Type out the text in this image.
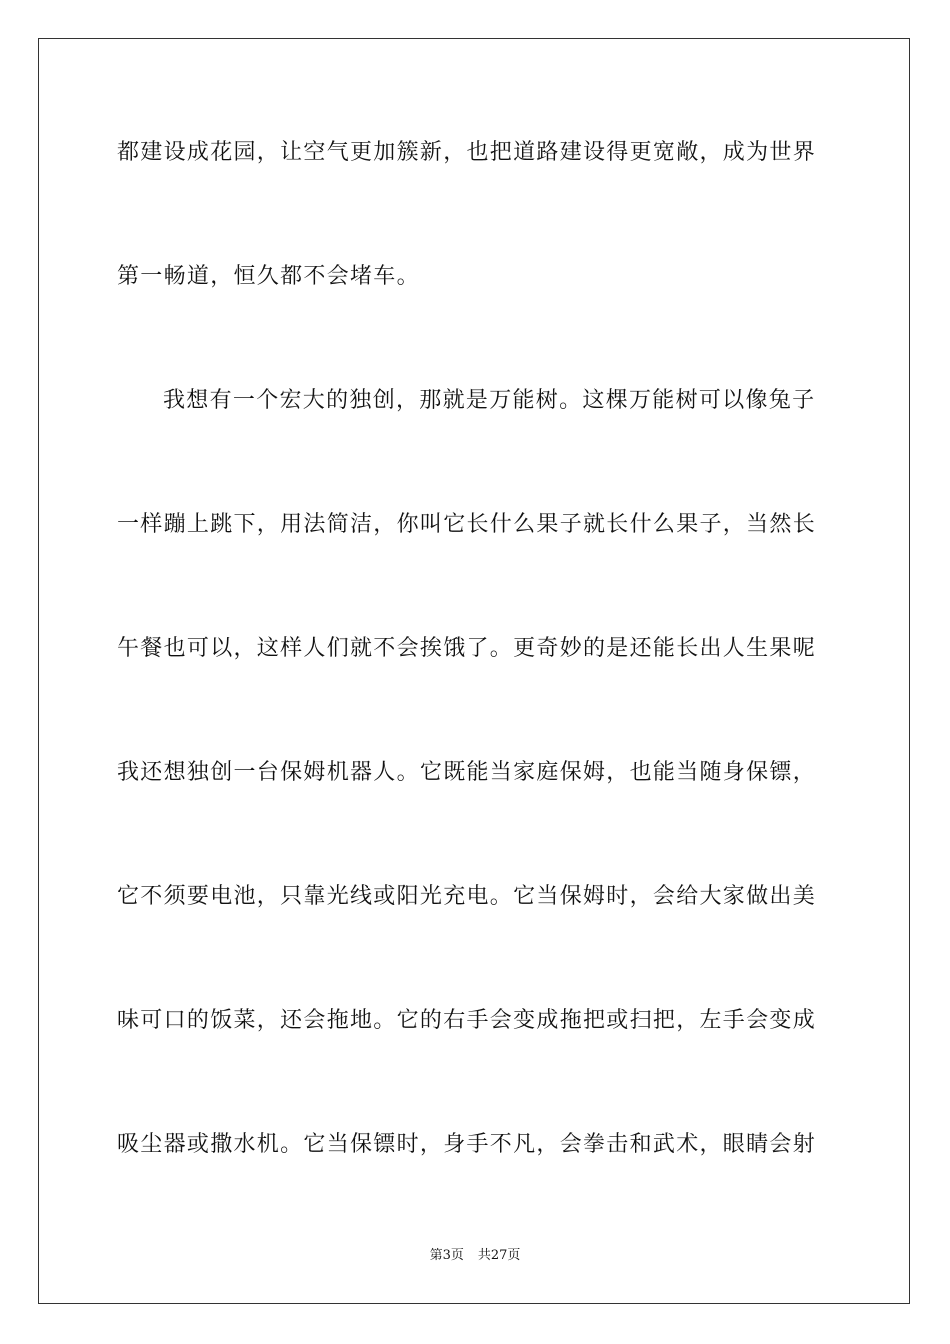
都建设成花园，让空气更加簇新，也把道路建设得更宽敞，成为世界
第一畅道，恒久都不会堵车。
我想有一个宏大的独创，那就是万能树。这棵万能树可以像兔子
一样蹦上跳下，用法简洁，你叫它长什么果子就长什么果子，当然长
午餐也可以，这样人们就不会挨饿了。更奇妙的是还能长出人生果呢
我还想独创一台保姆机器人。它既能当家庭保姆，也能当随身保镖，
它不须要电池，只靠光线或阳光充电。它当保姆时，会给大家做出美
味可口的饭菜，还会拖地。它的右手会变成拖把或扫把，左手会变成
吸尘器或撒水机。它当保镖时，身手不凡，会拳击和武术，眼睛会射
第3页 共27页
